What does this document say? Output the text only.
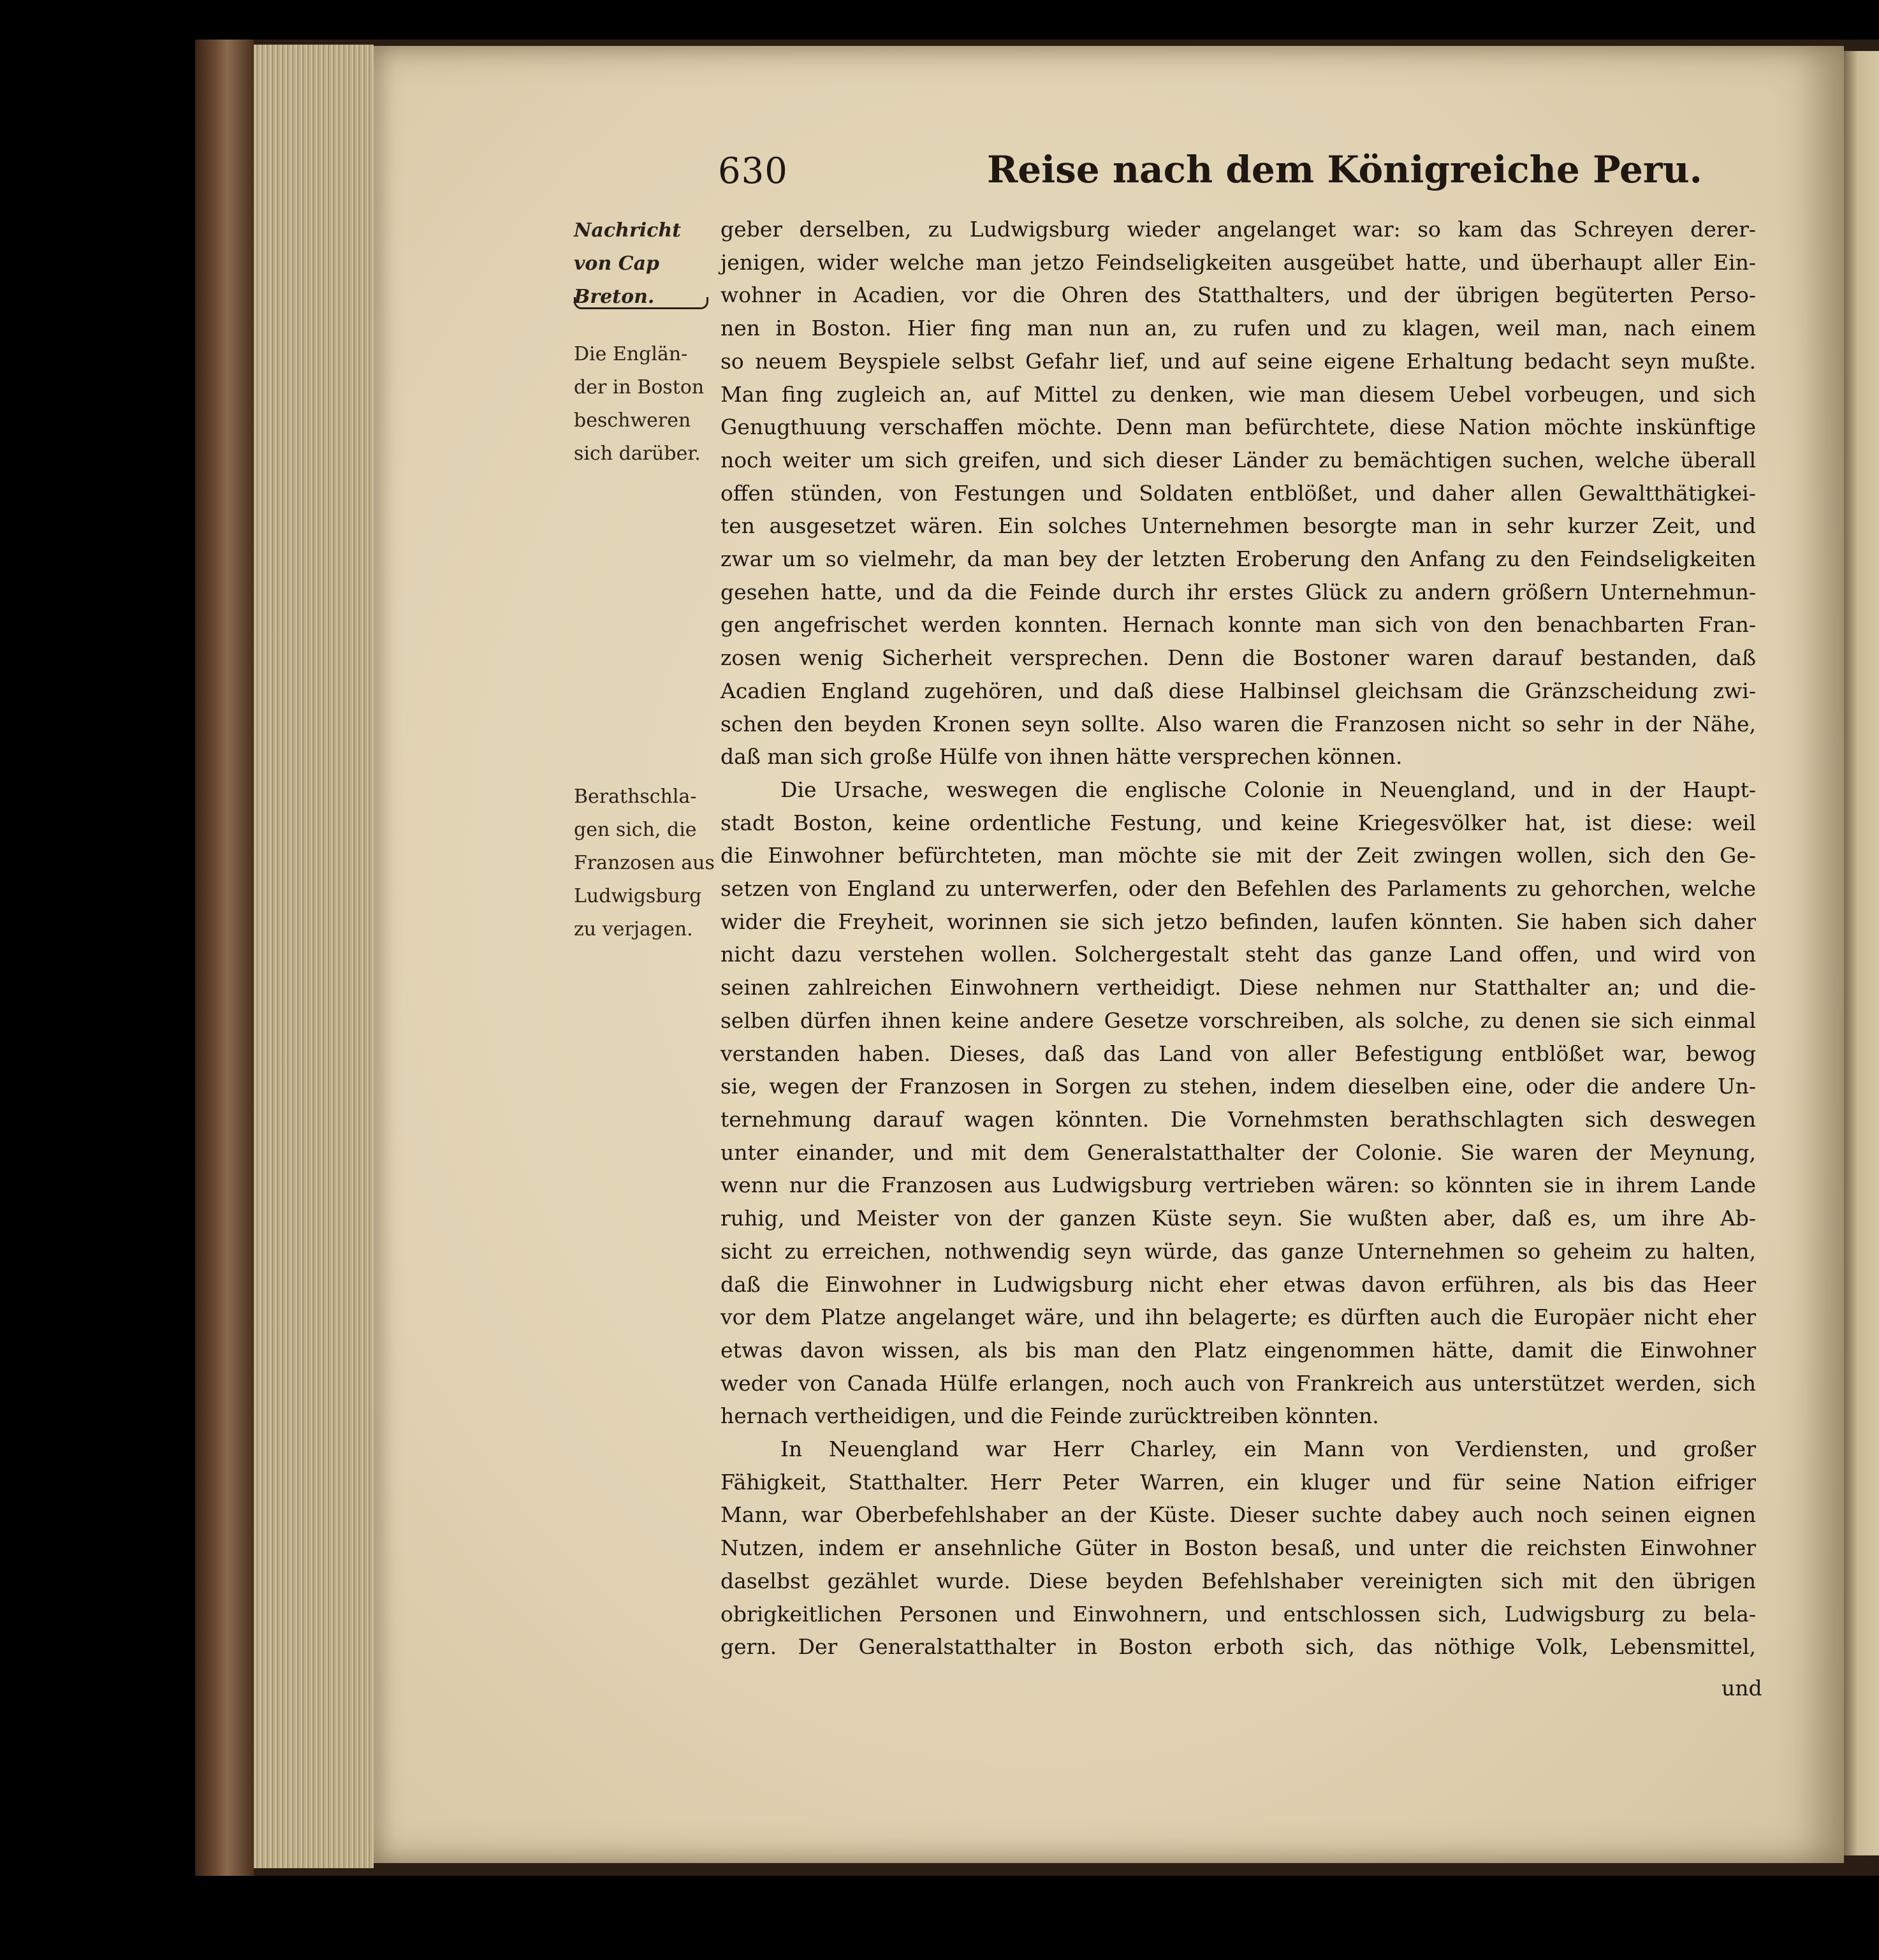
630	Reise nach dem Königreiche Peru.
Nachricht
von Cap
Breton.
Die Englän-
der in Boston
beschweren
sich darüber.
Berathschla-
gen sich, die
Franzosen aus
Ludwigsburg
zu verjagen.
geber derselben, zu Ludwigsburg wieder angelanget war: so kam das Schreyen derer-
jenigen, wider welche man jetzo Feindseligkeiten ausgeübet hatte, und überhaupt aller Ein-
wohner in Acadien, vor die Ohren des Statthalters, und der übrigen begüterten Perso-
nen in Boston. Hier fing man nun an, zu rufen und zu klagen, weil man, nach einem
so neuem Beyspiele selbst Gefahr lief, und auf seine eigene Erhaltung bedacht seyn mußte.
Man fing zugleich an, auf Mittel zu denken, wie man diesem Uebel vorbeugen, und sich
Genugthuung verschaffen möchte. Denn man befürchtete, diese Nation möchte inskünftige
noch weiter um sich greifen, und sich dieser Länder zu bemächtigen suchen, welche überall
offen stünden, von Festungen und Soldaten entblößet, und daher allen Gewaltthätigkei-
ten ausgesetzet wären. Ein solches Unternehmen besorgte man in sehr kurzer Zeit, und
zwar um so vielmehr, da man bey der letzten Eroberung den Anfang zu den Feindseligkeiten
gesehen hatte, und da die Feinde durch ihr erstes Glück zu andern größern Unternehmun-
gen angefrischet werden konnten. Hernach konnte man sich von den benachbarten Fran-
zosen wenig Sicherheit versprechen. Denn die Bostoner waren darauf bestanden, daß
Acadien England zugehören, und daß diese Halbinsel gleichsam die Gränzscheidung zwi-
schen den beyden Kronen seyn sollte. Also waren die Franzosen nicht so sehr in der Nähe,
daß man sich große Hülfe von ihnen hätte versprechen können.
Die Ursache, weswegen die englische Colonie in Neuengland, und in der Haupt-
stadt Boston, keine ordentliche Festung, und keine Kriegesvölker hat, ist diese: weil
die Einwohner befürchteten, man möchte sie mit der Zeit zwingen wollen, sich den Ge-
setzen von England zu unterwerfen, oder den Befehlen des Parlaments zu gehorchen, welche
wider die Freyheit, worinnen sie sich jetzo befinden, laufen könnten. Sie haben sich daher
nicht dazu verstehen wollen. Solchergestalt steht das ganze Land offen, und wird von
seinen zahlreichen Einwohnern vertheidigt. Diese nehmen nur Statthalter an; und die-
selben dürfen ihnen keine andere Gesetze vorschreiben, als solche, zu denen sie sich einmal
verstanden haben. Dieses, daß das Land von aller Befestigung entblößet war, bewog
sie, wegen der Franzosen in Sorgen zu stehen, indem dieselben eine, oder die andere Un-
ternehmung darauf wagen könnten. Die Vornehmsten berathschlagten sich deswegen
unter einander, und mit dem Generalstatthalter der Colonie. Sie waren der Meynung,
wenn nur die Franzosen aus Ludwigsburg vertrieben wären: so könnten sie in ihrem Lande
ruhig, und Meister von der ganzen Küste seyn. Sie wußten aber, daß es, um ihre Ab-
sicht zu erreichen, nothwendig seyn würde, das ganze Unternehmen so geheim zu halten,
daß die Einwohner in Ludwigsburg nicht eher etwas davon erführen, als bis das Heer
vor dem Platze angelanget wäre, und ihn belagerte; es dürften auch die Europäer nicht eher
etwas davon wissen, als bis man den Platz eingenommen hätte, damit die Einwohner
weder von Canada Hülfe erlangen, noch auch von Frankreich aus unterstützet werden, sich
hernach vertheidigen, und die Feinde zurücktreiben könnten.
In Neuengland war Herr Charley, ein Mann von Verdiensten, und großer
Fähigkeit, Statthalter. Herr Peter Warren, ein kluger und für seine Nation eifriger
Mann, war Oberbefehlshaber an der Küste. Dieser suchte dabey auch noch seinen eignen
Nutzen, indem er ansehnliche Güter in Boston besaß, und unter die reichsten Einwohner
daselbst gezählet wurde. Diese beyden Befehlshaber vereinigten sich mit den übrigen
obrigkeitlichen Personen und Einwohnern, und entschlossen sich, Ludwigsburg zu bela-
gern. Der Generalstatthalter in Boston erboth sich, das nöthige Volk, Lebensmittel,
und
